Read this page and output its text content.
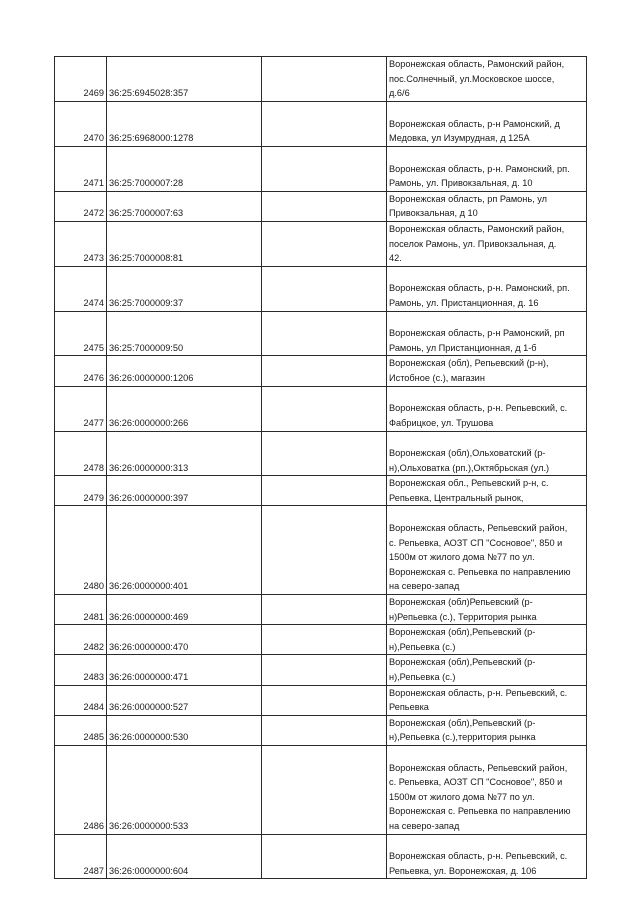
2469	36:25:6945028:357		Воронежская область, Рамонский район,
пос.Солнечный, ул.Московское шоссе,
д.6/6
2470	36:25:6968000:1278		
Воронежская область, р-н Рамонский, д
Медовка, ул Изумрудная, д 125А
2471	36:25:7000007:28		
Воронежская область, р-н. Рамонский, рп.
Рамонь, ул. Привокзальная, д. 10
2472	36:25:7000007:63		Воронежская область, рп Рамонь, ул
Привокзальная, д 10
2473	36:25:7000008:81		Воронежская область, Рамонский район,
поселок Рамонь, ул. Привокзальная, д.
42.
2474	36:25:7000009:37		
Воронежская область, р-н. Рамонский, рп.
Рамонь, ул. Пристанционная, д. 16
2475	36:25:7000009:50		
Воронежская область, р-н Рамонский, рп
Рамонь, ул Пристанционная, д 1-б
2476	36:26:0000000:1206		Воронежская (обл), Репьевский (р-н),
Истобное (с.), магазин
2477	36:26:0000000:266		
Воронежская область, р-н. Репьевский, с.
Фабрицкое, ул. Трушова
2478	36:26:0000000:313		
Воронежская (обл),Ольховатский (р-
н),Ольховатка (рп.),Октябрьская (ул.)
2479	36:26:0000000:397		Воронежская обл., Репьевский р-н, с.
Репьевка, Центральный рынок,
2480	36:26:0000000:401		
Воронежская область, Репьевский район,
с. Репьевка, АОЗТ СП "Сосновое", 850 и
1500м от жилого дома №77 по ул.
Воронежская с. Репьевка по направлению
на северо-запад
2481	36:26:0000000:469		Воронежская (обл)Репьевский (р-
н)Репьевка (с.), Территория рынка
2482	36:26:0000000:470		Воронежская (обл),Репьевский (р-
н),Репьевка (с.)
2483	36:26:0000000:471		Воронежская (обл),Репьевский (р-
н),Репьевка (с.)
2484	36:26:0000000:527		Воронежская область, р-н. Репьевский, с.
Репьевка
2485	36:26:0000000:530		Воронежская (обл),Репьевский (р-
н),Репьевка (с.),территория рынка
2486	36:26:0000000:533		
Воронежская область, Репьевский район,
с. Репьевка, АОЗТ СП "Сосновое", 850 и
1500м от жилого дома №77 по ул.
Воронежская с. Репьевка по направлению
на северо-запад
2487	36:26:0000000:604		
Воронежская область, р-н. Репьевский, с.
Репьевка, ул. Воронежская, д. 106
